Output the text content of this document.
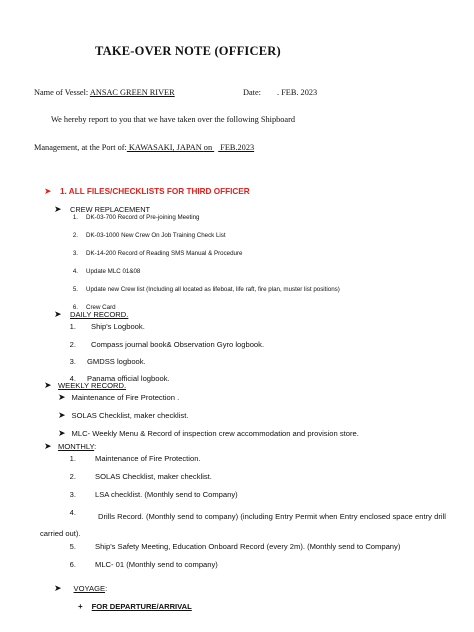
TAKE-OVER NOTE (OFFICER)
Name of Vessel: ANSAC GREEN RIVER	Date: . FEB. 2023
We hereby report to you that we have taken over the following Shipboard
Management, at the Port of: KAWASAKI, JAPAN on  FEB.2023
➤ 1. ALL FILES/CHECKLISTS FOR THIRD OFFICER
➤ CREW REPLACEMENT
1. DK-03-700 Record of Pre-joining Meeting
2. DK-03-1000 New Crew On Job Training Check List
3. DK-14-200 Record of Reading SMS Manual & Procedure
4. Update MLC 01&08
5. Update new Crew list (Including all located as lifeboat, life raft, fire plan, muster list positions)
6. Crew Card
➤ DAILY RECORD.
1. Ship's Logbook.
2. Compass journal book& Observation Gyro logbook.
3. GMDSS logbook.
4. Panama official logbook.
➤ WEEKLY RECORD.
➤ Maintenance of Fire Protection .
➤ SOLAS Checklist, maker checklist.
➤ MLC- Weekly Menu & Record of inspection crew accommodation and provision store.
➤ MONTHLY:
1.	Maintenance of Fire Protection.
2.	SOLAS Checklist, maker checklist.
3.	LSA checklist. (Monthly send to Company)
4.	Drills Record. (Monthly send to company) (including Entry Permit when Entry enclosed space entry drill carried out).
5.	Ship's Safety Meeting, Education Onboard Record (every 2m). (Monthly send to Company)
6.	MLC- 01 (Monthly send to company)
➤ VOYAGE:
+ FOR DEPARTURE/ARRIVAL
